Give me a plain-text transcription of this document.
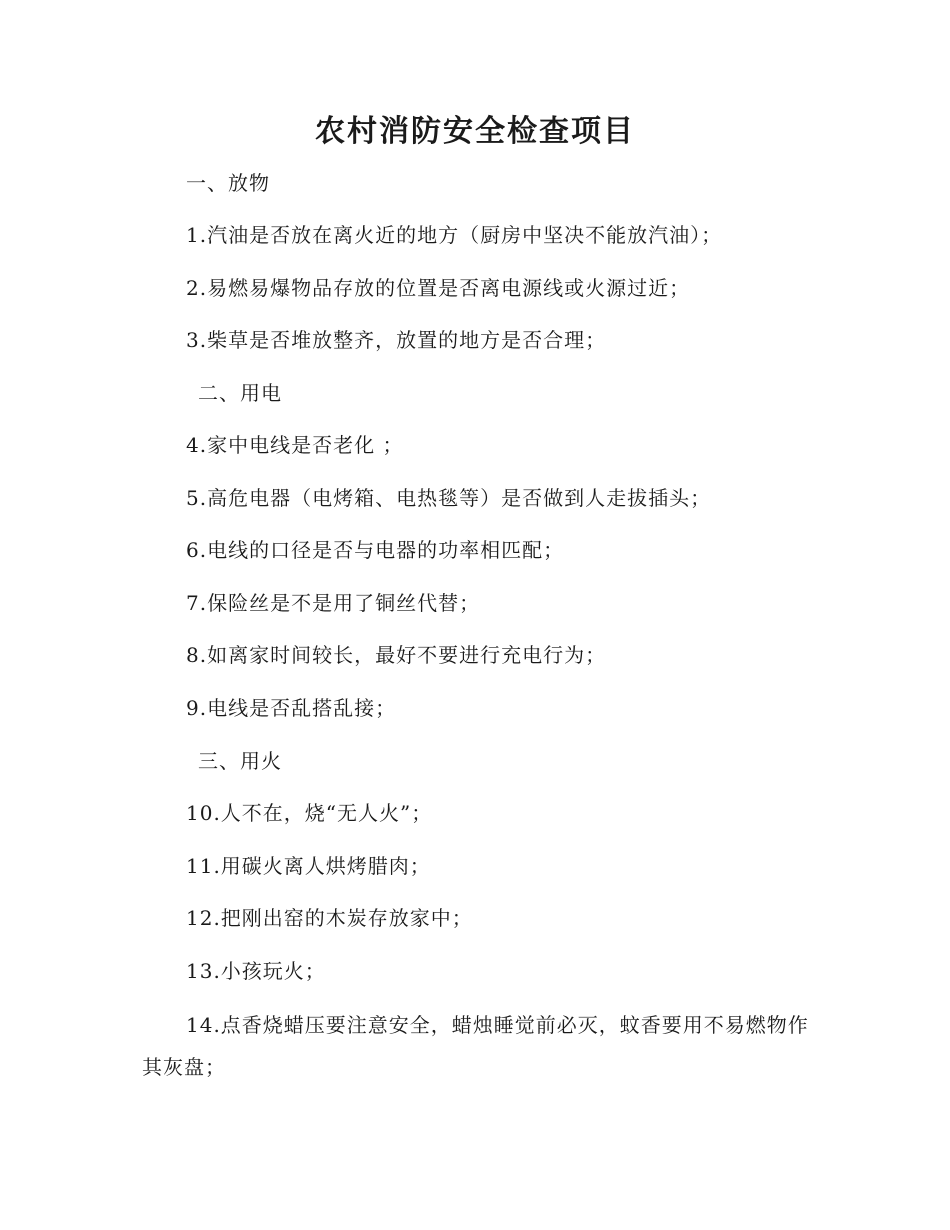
农村消防安全检查项目

一、放物

1.汽油是否放在离火近的地方（厨房中坚决不能放汽油）；

2.易燃易爆物品存放的位置是否离电源线或火源过近；

3.柴草是否堆放整齐，放置的地方是否合理；

二、用电

4.家中电线是否老化 ；

5.高危电器（电烤箱、电热毯等）是否做到人走拔插头；

6.电线的口径是否与电器的功率相匹配；

7.保险丝是不是用了铜丝代替；

8.如离家时间较长，最好不要进行充电行为；

9.电线是否乱搭乱接；

三、用火

10.人不在，烧“无人火”；

11.用碳火离人烘烤腊肉；

12.把刚出窑的木炭存放家中；

13.小孩玩火；

14.点香烧蜡压要注意安全，蜡烛睡觉前必灭，蚊香要用不易燃物作其灰盘；
